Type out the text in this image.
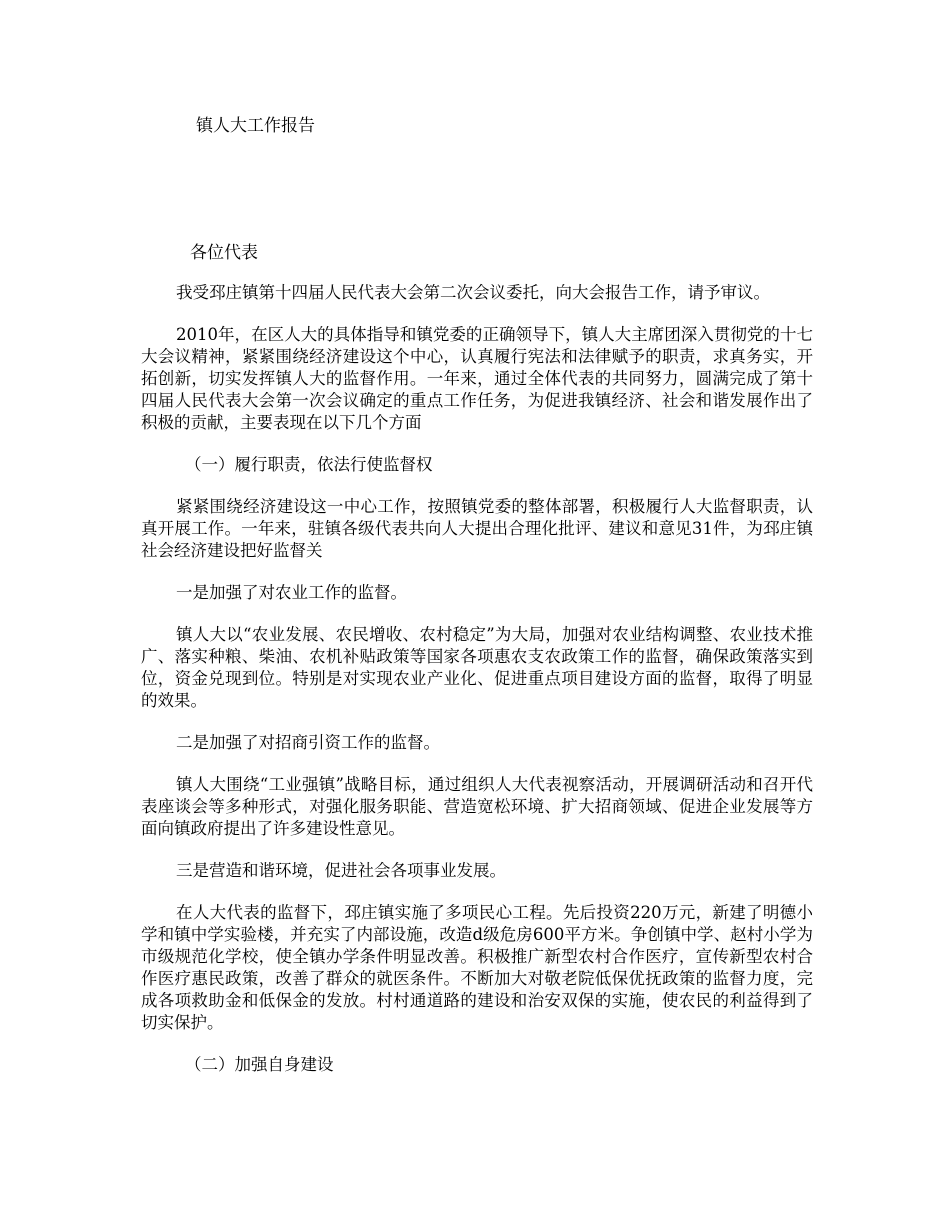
镇人大工作报告
各位代表

我受邳庄镇第十四届人民代表大会第二次会议委托，向大会报告工作，请予审议。

2010年，在区人大的具体指导和镇党委的正确领导下，镇人大主席团深入贯彻党的十七大会议精神，紧紧围绕经济建设这个中心，认真履行宪法和法律赋予的职责，求真务实，开拓创新，切实发挥镇人大的监督作用。一年来，通过全体代表的共同努力，圆满完成了第十四届人民代表大会第一次会议确定的重点工作任务，为促进我镇经济、社会和谐发展作出了积极的贡献，主要表现在以下几个方面

（一）履行职责，依法行使监督权

紧紧围绕经济建设这一中心工作，按照镇党委的整体部署，积极履行人大监督职责，认真开展工作。一年来，驻镇各级代表共向人大提出合理化批评、建议和意见31件，为邳庄镇社会经济建设把好监督关

一是加强了对农业工作的监督。

镇人大以“农业发展、农民增收、农村稳定”为大局，加强对农业结构调整、农业技术推广、落实种粮、柴油、农机补贴政策等国家各项惠农支农政策工作的监督，确保政策落实到位，资金兑现到位。特别是对实现农业产业化、促进重点项目建设方面的监督，取得了明显的效果。

二是加强了对招商引资工作的监督。

镇人大围绕“工业强镇”战略目标，通过组织人大代表视察活动，开展调研活动和召开代表座谈会等多种形式，对强化服务职能、营造宽松环境、扩大招商领域、促进企业发展等方面向镇政府提出了许多建设性意见。

三是营造和谐环境，促进社会各项事业发展。

在人大代表的监督下，邳庄镇实施了多项民心工程。先后投资220万元，新建了明德小学和镇中学实验楼，并充实了内部设施，改造d级危房600平方米。争创镇中学、赵村小学为市级规范化学校，使全镇办学条件明显改善。积极推广新型农村合作医疗，宣传新型农村合作医疗惠民政策，改善了群众的就医条件。不断加大对敬老院低保优抚政策的监督力度，完成各项救助金和低保金的发放。村村通道路的建设和治安双保的实施，使农民的利益得到了切实保护。

（二）加强自身建设
